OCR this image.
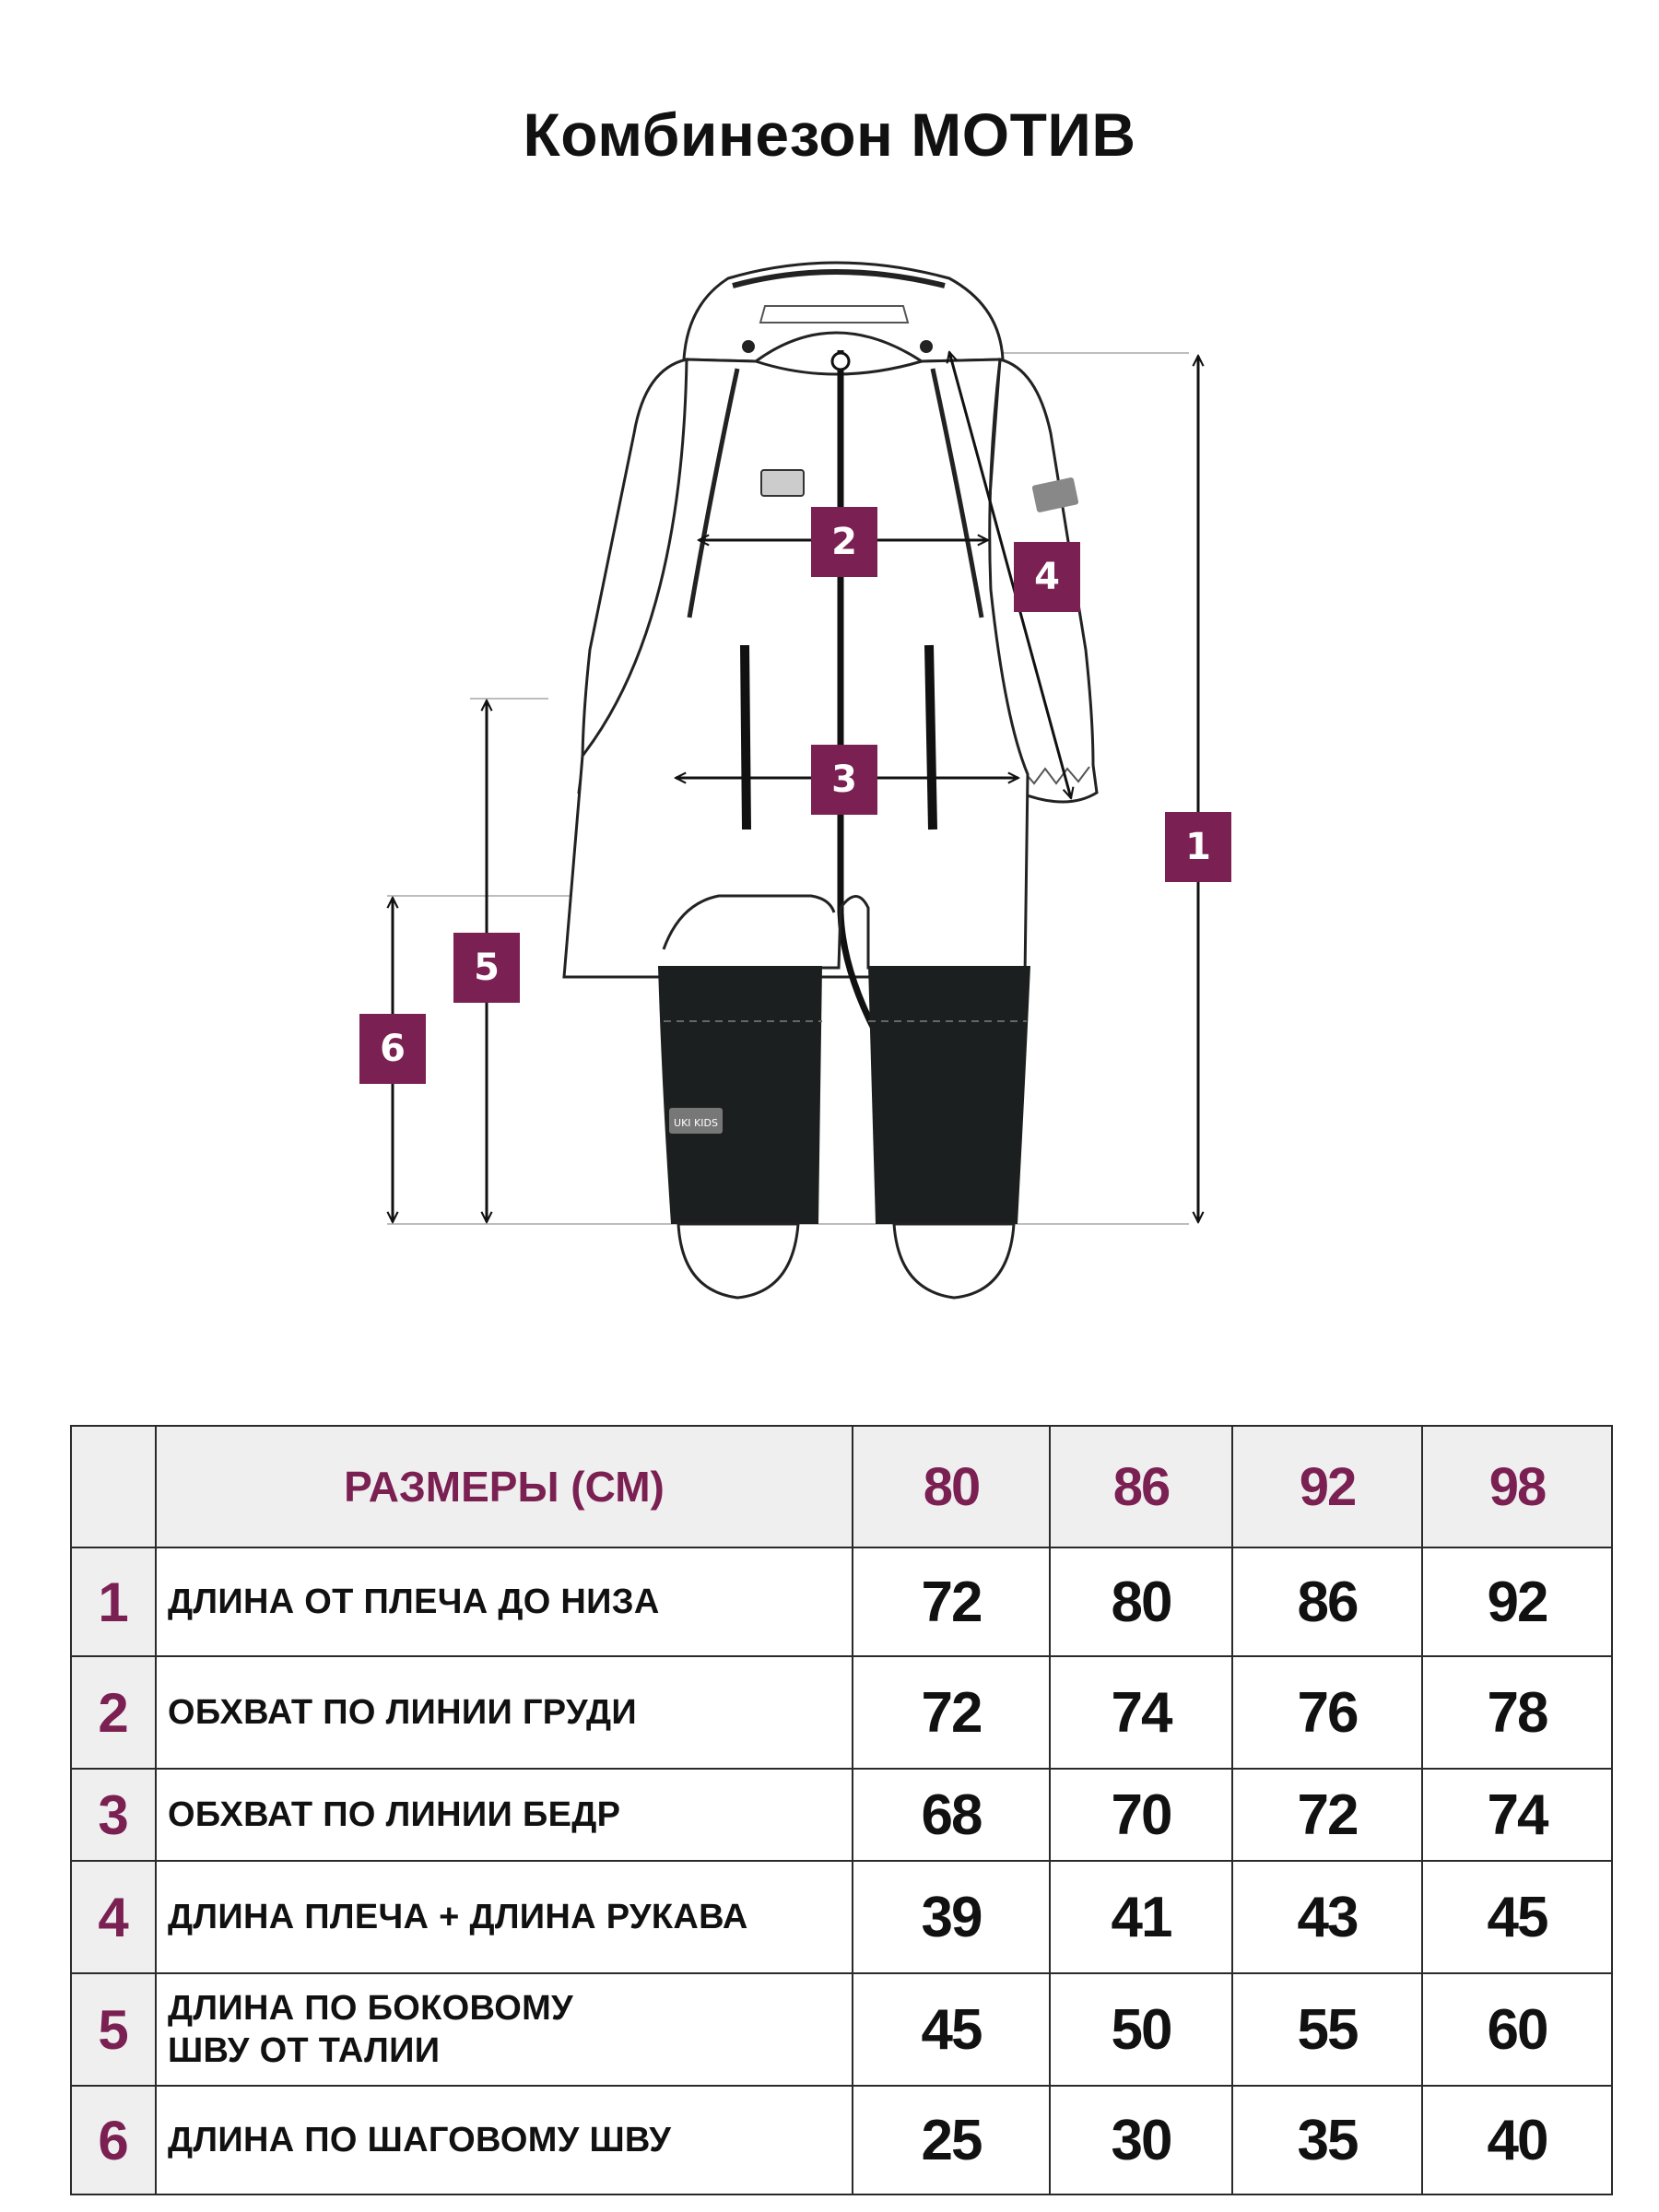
Комбинезон МОТИВ
UKI KIDS
1
2
3
4
5
6
	РАЗМЕРЫ (СМ)	80	86	92	98
1	ДЛИНА ОТ ПЛЕЧА ДО НИЗА	72	80	86	92
2	ОБХВАТ ПО ЛИНИИ ГРУДИ	72	74	76	78
3	ОБХВАТ ПО ЛИНИИ БЕДР	68	70	72	74
4	ДЛИНА ПЛЕЧА + ДЛИНА РУКАВА	39	41	43	45
5	ДЛИНА ПО БОКОВОМУ ШВУ ОТ ТАЛИИ	45	50	55	60
6	ДЛИНА ПО ШАГОВОМУ ШВУ	25	30	35	40
